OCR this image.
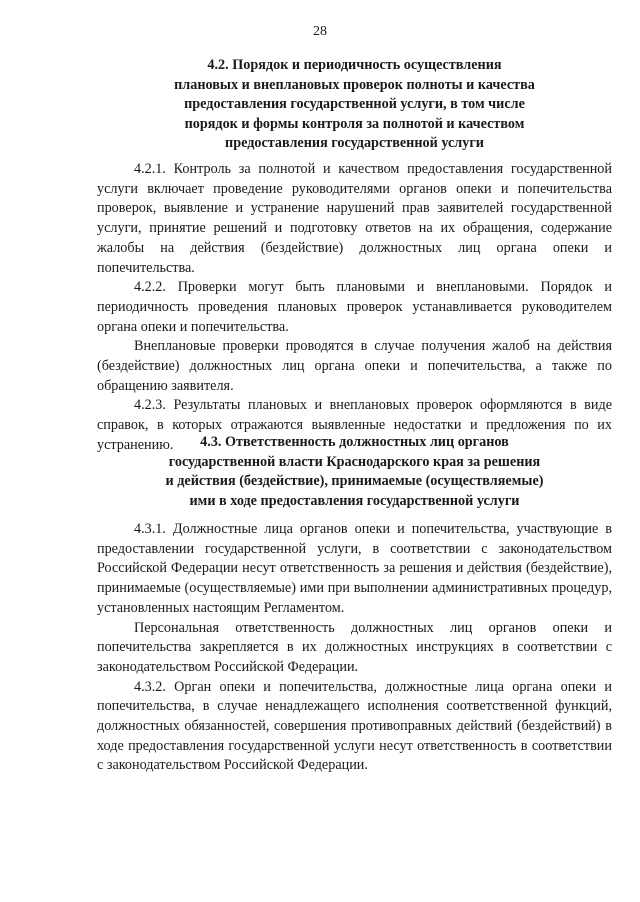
28
4.2. Порядок и периодичность осуществления
плановых и внеплановых проверок полноты и качества
предоставления государственной услуги, в том числе
порядок и формы контроля за полнотой и качеством
предоставления государственной услуги

4.2.1. Контроль за полнотой и качеством предоставления государственной услуги включает проведение руководителями органов опеки и попечительства проверок, выявление и устранение нарушений прав заявителей государственной услуги, принятие решений и подготовку ответов на их обращения, содержание жалобы на действия (бездействие) должностных лиц органа опеки и попечительства.

4.2.2. Проверки могут быть плановыми и внеплановыми. Порядок и периодичность проведения плановых проверок устанавливается руководителем органа опеки и попечительства.

Внеплановые проверки проводятся в случае получения жалоб на действия (бездействие) должностных лиц органа опеки и попечительства, а также по обращению заявителя.

4.2.3. Результаты плановых и внеплановых проверок оформляются в виде справок, в которых отражаются выявленные недостатки и предложения по их устранению.	4.3. Ответственность должностных лиц органов
государственной власти Краснодарского края за решения
и действия (бездействие), принимаемые (осуществляемые)
ими в ходе предоставления государственной услуги

4.3.1. Должностные лица органов опеки и попечительства, участвующие в предоставлении государственной услуги, в соответствии с законодательством Российской Федерации несут ответственность за решения и действия (бездействие), принимаемые (осуществляемые) ими при выполнении административных процедур, установленных настоящим Регламентом.

Персональная ответственность должностных лиц органов опеки и попечительства закрепляется в их должностных инструкциях в соответствии с законодательством Российской Федерации.

4.3.2. Орган опеки и попечительства, должностные лица органа опеки и попечительства, в случае ненадлежащего исполнения соответственной функций, должностных обязанностей, совершения противоправных действий (бездействий) в ходе предоставления государственной услуги несут ответственность в соответствии с законодательством Российской Федерации.
